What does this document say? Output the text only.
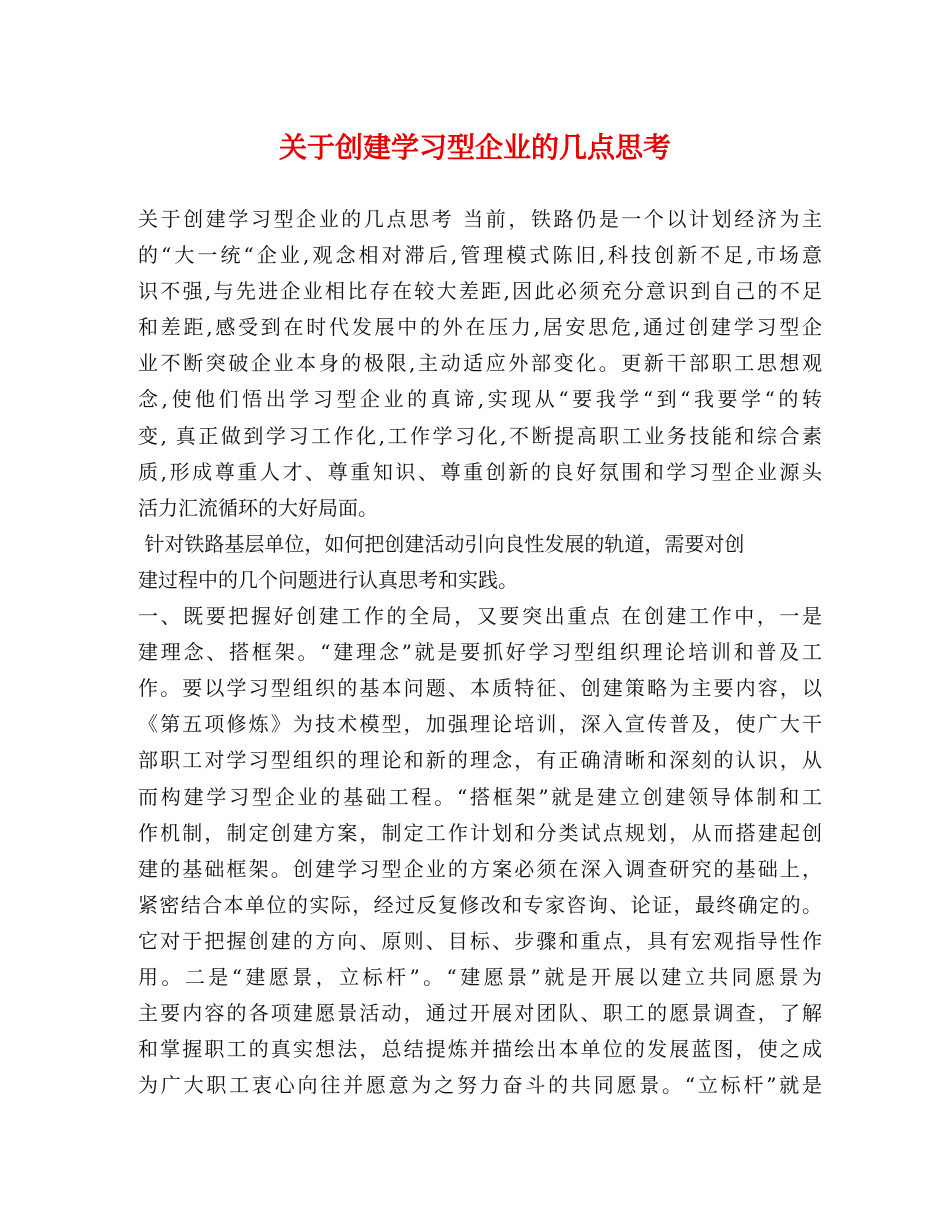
关于创建学习型企业的几点思考
关于创建学习型企业的几点思考 当前，铁路仍是一个以计划经济为主
的“大一统“企业,观念相对滞后,管理模式陈旧,科技创新不足,市场意
识不强,与先进企业相比存在较大差距,因此必须充分意识到自己的不足
和差距,感受到在时代发展中的外在压力,居安思危,通过创建学习型企
业不断突破企业本身的极限,主动适应外部变化。更新干部职工思想观
念,使他们悟出学习型企业的真谛,实现从“要我学“到“我要学“的转
变, 真正做到学习工作化,工作学习化,不断提高职工业务技能和综合素
质,形成尊重人才、尊重知识、尊重创新的良好氛围和学习型企业源头
活力汇流循环的大好局面。
针对铁路基层单位，如何把创建活动引向良性发展的轨道，需要对创
建过程中的几个问题进行认真思考和实践。
一、既要把握好创建工作的全局，又要突出重点 在创建工作中，一是
建理念、搭框架。“建理念”就是要抓好学习型组织理论培训和普及工
作。要以学习型组织的基本问题、本质特征、创建策略为主要内容，以
《第五项修炼》为技术模型，加强理论培训，深入宣传普及，使广大干
部职工对学习型组织的理论和新的理念，有正确清晰和深刻的认识，从
而构建学习型企业的基础工程。“搭框架”就是建立创建领导体制和工
作机制，制定创建方案，制定工作计划和分类试点规划，从而搭建起创
建的基础框架。创建学习型企业的方案必须在深入调查研究的基础上，
紧密结合本单位的实际，经过反复修改和专家咨询、论证，最终确定的。
它对于把握创建的方向、原则、目标、步骤和重点，具有宏观指导性作
用。二是“建愿景，立标杆”。“建愿景”就是开展以建立共同愿景为
主要内容的各项建愿景活动，通过开展对团队、职工的愿景调查，了解
和掌握职工的真实想法，总结提炼并描绘出本单位的发展蓝图，使之成
为广大职工衷心向往并愿意为之努力奋斗的共同愿景。“立标杆”就是
